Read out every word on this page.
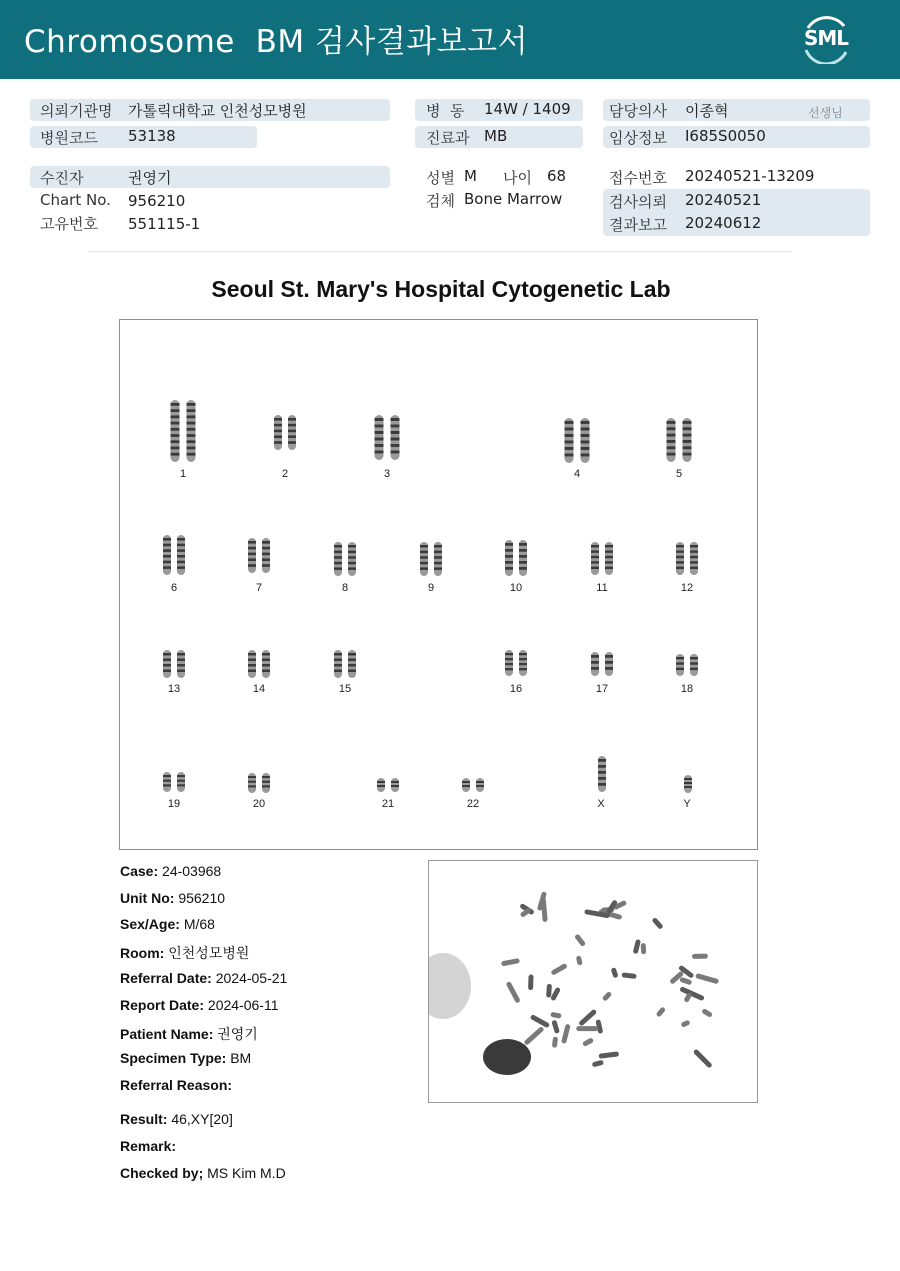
Chromosome  BM 검사결과보고서	SML
의뢰기관명 가톨릭대학교 인천성모병원
병원코드 53138
병  동 14W / 1409
진료과 MB
담당의사 이종혁	선생님
임상정보 I685S0050
수진자	권영기
Chart No. 956210
고유번호 551115-1
성별 M 나이 68
검체 Bone Marrow
접수번호 20240521-13209
검사의뢰 20240521
결과보고 20240612
Seoul St. Mary's Hospital Cytogenetic Lab
1	2	3	4	5
6	7	8	9	10	11	12
13	14	15	16	17	18
19	20	21	22	X	Y
Case: 24-03968
Unit No: 956210
Sex/Age: M/68
Room: 인천성모병원
Referral Date: 2024-05-21
Report Date: 2024-06-11
Patient Name: 권영기
Specimen Type: BM
Referral Reason:
Result: 46,XY[20]
Remark:
Checked by; MS Kim M.D
